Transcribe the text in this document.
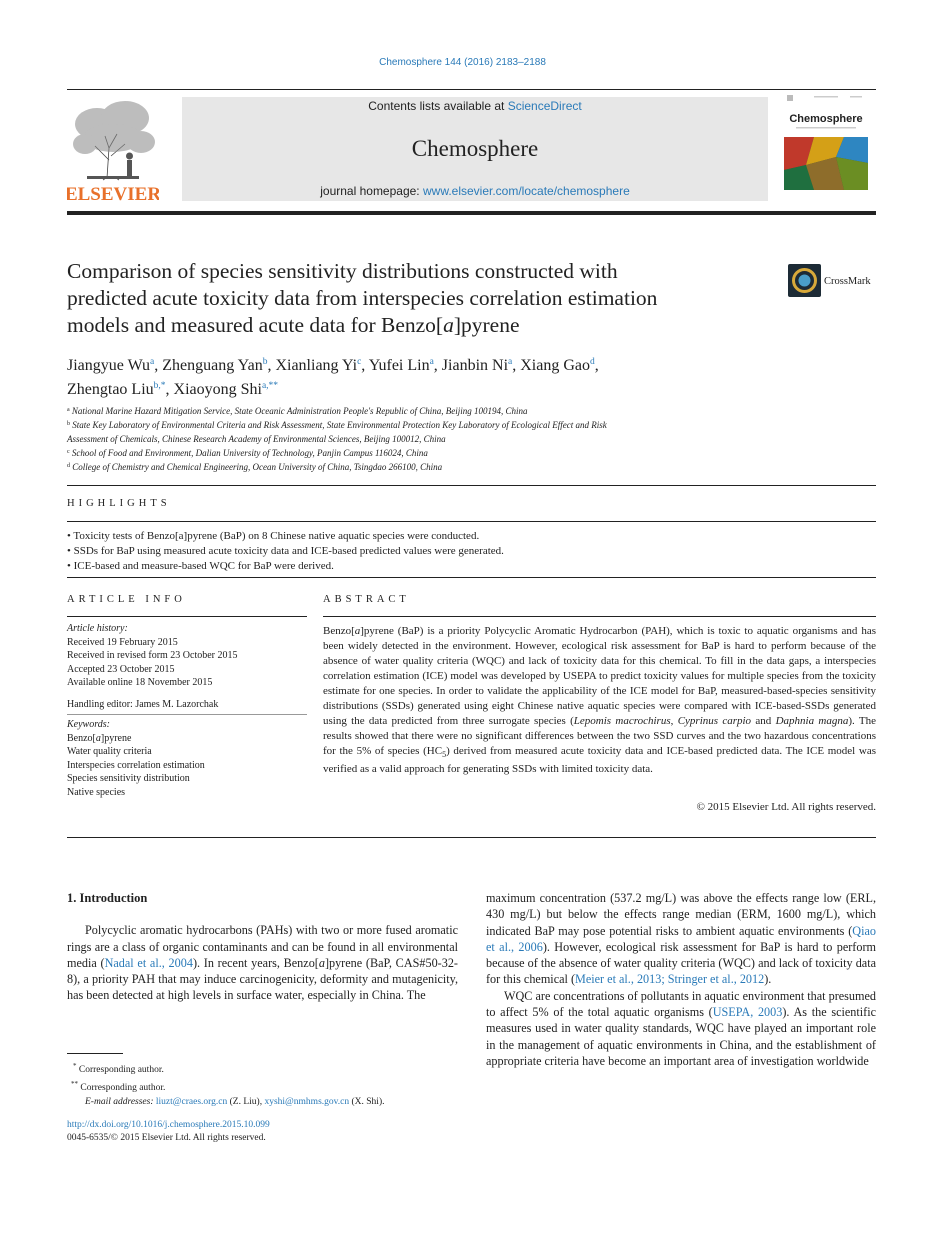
Chemosphere 144 (2016) 2183–2188
ELSEVIER
Contents lists available at ScienceDirect
Chemosphere
journal homepage: www.elsevier.com/locate/chemosphere
Chemosphere
Comparison of species sensitivity distributions constructed with
predicted acute toxicity data from interspecies correlation estimation
models and measured acute data for Benzo[a]pyrene
CrossMark
Jiangyue Wu$^a$, Zhenguang Yan$^b$, Xianliang Yi$^c$, Yufei Lin$^a$, Jianbin Ni$^a$, Xiang Gao$^d$,
Zhengtao Liu$^{b,*}$, Xiaoyong Shi$^{a,**}$
$^a$ National Marine Hazard Mitigation Service, State Oceanic Administration People's Republic of China, Beijing 100194, China
$^b$ State Key Laboratory of Environmental Criteria and Risk Assessment, State Environmental Protection Key Laboratory of Ecological Effect and Risk
Assessment of Chemicals, Chinese Research Academy of Environmental Sciences, Beijing 100012, China
$^c$ School of Food and Environment, Dalian University of Technology, Panjin Campus 116024, China
$^d$ College of Chemistry and Chemical Engineering, Ocean University of China, Tsingdao 266100, China
HIGHLIGHTS
• Toxicity tests of Benzo[a]pyrene (BaP) on 8 Chinese native aquatic species were conducted.
• SSDs for BaP using measured acute toxicity data and ICE-based predicted values were generated.
• ICE-based and measure-based WQC for BaP were derived.
ARTICLE INFO
Article history:
Received 19 February 2015
Received in revised form 23 October 2015
Accepted 23 October 2015
Available online 18 November 2015
Handling editor: James M. Lazorchak
Keywords:
Benzo[a]pyrene
Water quality criteria
Interspecies correlation estimation
Species sensitivity distribution
Native species
ABSTRACT
Benzo[a]pyrene (BaP) is a priority Polycyclic Aromatic Hydrocarbon (PAH), which is toxic to aquatic organisms and has been widely detected in the environment. However, ecological risk assessment for BaP is hard to perform because of the absence of water quality criteria (WQC) and lack of toxicity data for this chemical. To fill in the data gaps, a interspecies correlation estimation (ICE) model was developed by USEPA to predict toxicity values for multiple species from the toxicity estimate for one species. In order to validate the applicability of the ICE model for BaP, measured-based-species sensitivity distributions (SSDs) generated using eight Chinese native aquatic species were compared with ICE-based-SSDs generated using the data predicted from three surrogate species (Lepomis macrochirus, Cyprinus carpio and Daphnia magna). The results showed that there were no significant differences between the two SSD curves and the two hazardous concentrations for the 5% of species $(HC_5)$ derived from measured acute toxicity data and ICE-based predicted data. The ICE model was verified as a valid approach for generating SSDs with limited toxicity data.
© 2015 Elsevier Ltd. All rights reserved.
1. Introduction

Polycyclic aromatic hydrocarbons (PAHs) with two or more fused aromatic rings are a class of organic contaminants and can be found in all environmental media (Nadal et al., 2004). In recent years, Benzo[a]pyrene (BaP, CAS#50-32-8), a priority PAH that may induce carcinogenicity, deformity and mutagenicity, has been detected at high levels in surface water, especially in China. The

maximum concentration (537.2 mg/L) was above the effects range low (ERL, 430 mg/L) but below the effects range median (ERM, 1600 mg/L), which indicated BaP may pose potential risks to ambient aquatic environments (Qiao et al., 2006). However, ecological risk assessment for BaP is hard to perform because of the absence of water quality criteria (WQC) and lack of toxicity data for this chemical (Meier et al., 2013; Stringer et al., 2012).

WQC are concentrations of pollutants in aquatic environment that presumed to affect 5% of the total aquatic organisms (USEPA, 2003). As the scientific measures used in water quality standards, WQC have played an important role in the management of aquatic environments in China, and the establishment of appropriate criteria have become an important area of investigation worldwide

* Corresponding author.
** Corresponding author.
E-mail addresses: liuzt@craes.org.cn (Z. Liu), xyshi@nmhms.gov.cn (X. Shi).
http://dx.doi.org/10.1016/j.chemosphere.2015.10.099
0045-6535/© 2015 Elsevier Ltd. All rights reserved.
